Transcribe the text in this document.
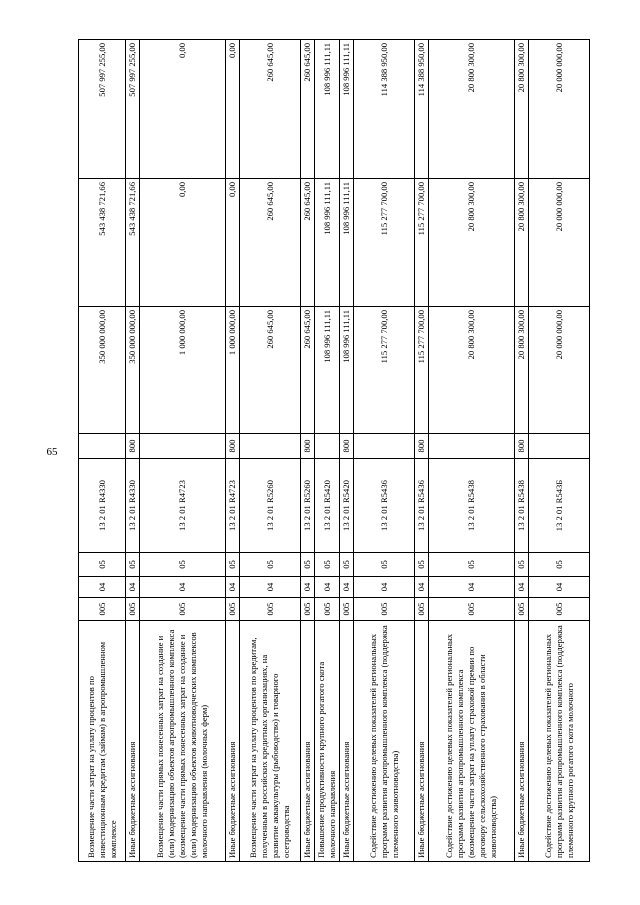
65
Возмещение части затрат на уплату процентов по инвестиционным кредитам (займам) в агропромышленном комплексе	005	04	05	13 2 01 R4330		350 000 000,00	543 438 721,66	507 997 255,00
Иные бюджетные ассигнования	005	04	05	13 2 01 R4330	800	350 000 000,00	543 438 721,66	507 997 255,00
Возмещение части прямых понесенных затрат на создание и (или) модернизацию объектов агропромышленного комплекса (возмещение части прямых понесенных затрат на создание и (или) модернизацию объектов животноводческих комплексов молочного направления (молочных ферм)	005	04	05	13 2 01 R4723		1 000 000,00	0,00	0,00
Иные бюджетные ассигнования	005	04	05	13 2 01 R4723	800	1 000 000,00	0,00	0,00
Возмещение части затрат на уплату процентов по кредитам, полученным в российских кредитных организациях, на развитие аквакультуры (рыбоводство) и товарного осетроводства	005	04	05	13 2 01 R5260		260 645,00	260 645,00	260 645,00
Иные бюджетные ассигнования	005	04	05	13 2 01 R5260	800	260 645,00	260 645,00	260 645,00
Повышение продуктивности крупного рогатого скота молочного направления	005	04	05	13 2 01 R5420		108 996 111,11	108 996 111,11	108 996 111,11
Иные бюджетные ассигнования	005	04	05	13 2 01 R5420	800	108 996 111,11	108 996 111,11	108 996 111,11
Содействие достижению целевых показателей региональных программ развития агропромышленного комплекса (поддержка племенного животноводства)	005	04	05	13 2 01 R5436		115 277 700,00	115 277 700,00	114 388 950,00
Иные бюджетные ассигнования	005	04	05	13 2 01 R5436	800	115 277 700,00	115 277 700,00	114 388 950,00
Содействие достижению целевых показателей региональных программ развития агропромышленного комплекса (возмещение части затрат на уплату страховой премии по договору сельскохозяйственного страхования в области животноводства)	005	04	05	13 2 01 R5438		20 800 300,00	20 800 300,00	20 800 300,00
Иные бюджетные ассигнования	005	04	05	13 2 01 R5438	800	20 800 300,00	20 800 300,00	20 800 300,00
Содействие достижению целевых показателей региональных программ развития агропромышленного комплекса (поддержка племенного крупного рогатого скота молочного	005	04	05	13 2 01 R543Б		20 000 000,00	20 000 000,00	20 000 000,00
